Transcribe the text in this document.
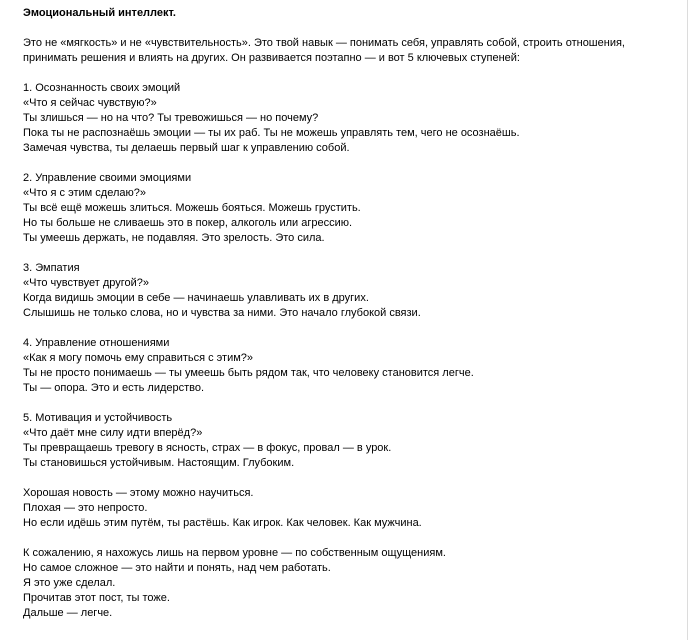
Эмоциональный интеллект.

Это не «мягкость» и не «чувствительность». Это твой навык — понимать себя, управлять собой, строить отношения,
принимать решения и влиять на других. Он развивается поэтапно — и вот 5 ключевых ступеней:

1. Осознанность своих эмоций
«Что я сейчас чувствую?»
Ты злишься — но на что? Ты тревожишься — но почему?
Пока ты не распознаёшь эмоции — ты их раб. Ты не можешь управлять тем, чего не осознаёшь.
Замечая чувства, ты делаешь первый шаг к управлению собой.

2. Управление своими эмоциями
«Что я с этим сделаю?»
Ты всё ещё можешь злиться. Можешь бояться. Можешь грустить.
Но ты больше не сливаешь это в покер, алкоголь или агрессию.
Ты умеешь держать, не подавляя. Это зрелость. Это сила.

3. Эмпатия
«Что чувствует другой?»
Когда видишь эмоции в себе — начинаешь улавливать их в других.
Слышишь не только слова, но и чувства за ними. Это начало глубокой связи.

4. Управление отношениями
«Как я могу помочь ему справиться с этим?»
Ты не просто понимаешь — ты умеешь быть рядом так, что человеку становится легче.
Ты — опора. Это и есть лидерство.

5. Мотивация и устойчивость
«Что даёт мне силу идти вперёд?»
Ты превращаешь тревогу в ясность, страх — в фокус, провал — в урок.
Ты становишься устойчивым. Настоящим. Глубоким.

Хорошая новость — этому можно научиться.
Плохая — это непросто.
Но если идёшь этим путём, ты растёшь. Как игрок. Как человек. Как мужчина.

К сожалению, я нахожусь лишь на первом уровне — по собственным ощущениям.
Но самое сложное — это найти и понять, над чем работать.
Я это уже сделал.
Прочитав этот пост, ты тоже.
Дальше — легче.
